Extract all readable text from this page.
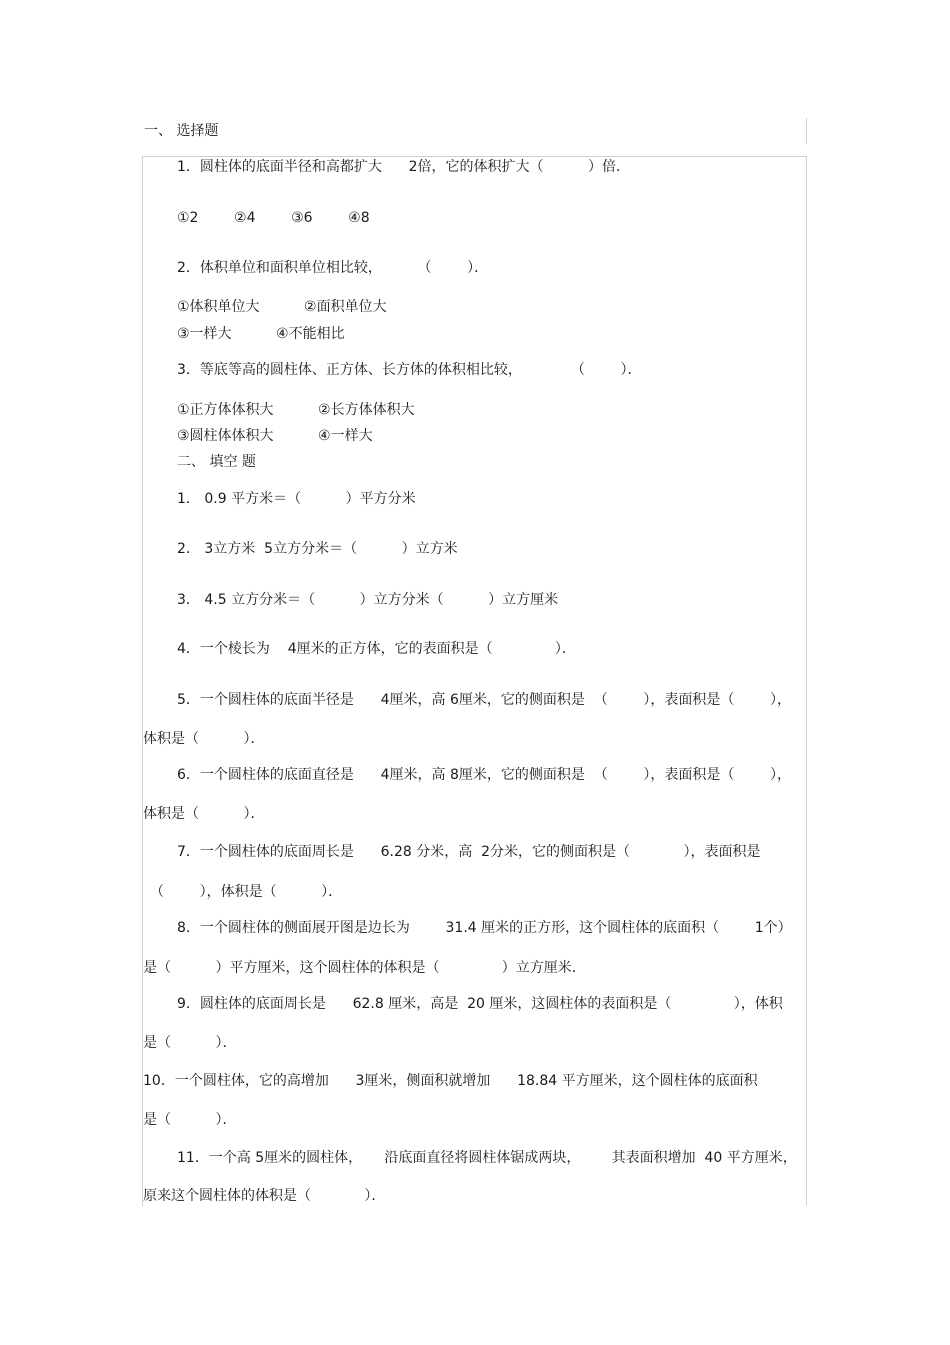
一、 选择题
1．圆柱体的底面半径和高都扩大      2倍，它的体积扩大（          ）倍．
①2        ②4        ③6        ④8
2．体积单位和面积单位相比较，        （        ）．
①体积单位大          ②面积单位大
③一样大          ④不能相比
3．等底等高的圆柱体、正方体、长方体的体积相比较，           （        ）．
①正方体体积大          ②长方体体积大
③圆柱体体积大          ④一样大
二、 填空 题
1． 0.9 平方米＝（          ）平方分米
2． 3立方米  5立方分米＝（          ）立方米
3． 4.5 立方分米＝（          ）立方分米（          ）立方厘米
4．一个棱长为    4厘米的正方体，它的表面积是（              ）．
5．一个圆柱体的底面半径是      4厘米，高 6厘米，它的侧面积是  （        ），表面积是（        ），
体积是（          ）．
6．一个圆柱体的底面直径是      4厘米，高 8厘米，它的侧面积是  （        ），表面积是（        ），
体积是（          ）．
7．一个圆柱体的底面周长是      6.28 分米，高  2分米，它的侧面积是（            ），表面积是
（        ），体积是（          ）．
8．一个圆柱体的侧面展开图是边长为        31.4 厘米的正方形，这个圆柱体的底面积（        1个）
是（          ）平方厘米，这个圆柱体的体积是（              ）立方厘米．
9．圆柱体的底面周长是      62.8 厘米，高是  20 厘米，这圆柱体的表面积是（              ），体积
是（          ）．
10．一个圆柱体，它的高增加      3厘米，侧面积就增加      18.84 平方厘米，这个圆柱体的底面积
是（          ）．
11．一个高 5厘米的圆柱体，     沿底面直径将圆柱体锯成两块，       其表面积增加  40 平方厘米，
原来这个圆柱体的体积是（            ）．
